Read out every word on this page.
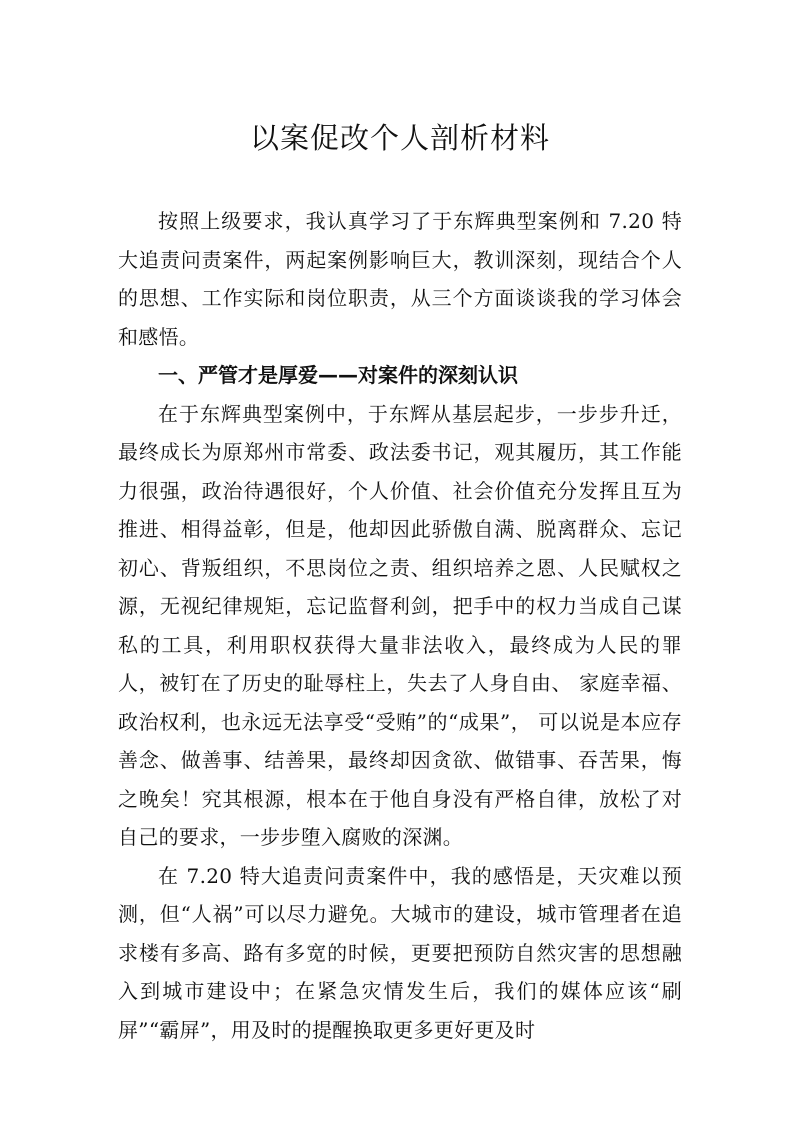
以案促改个人剖析材料

按照上级要求，我认真学习了于东辉典型案例和 7.20 特大追责问责案件，两起案例影响巨大，教训深刻，现结合个人的思想、工作实际和岗位职责，从三个方面谈谈我的学习体会和感悟。

一、严管才是厚爱——对案件的深刻认识

在于东辉典型案例中，于东辉从基层起步，一步步升迁，最终成长为原郑州市常委、政法委书记，观其履历，其工作能力很强，政治待遇很好，个人价值、社会价值充分发挥且互为推进、相得益彰，但是，他却因此骄傲自满、脱离群众、忘记初心、背叛组织，不思岗位之责、组织培养之恩、人民赋权之源，无视纪律规矩，忘记监督利剑，把手中的权力当成自己谋私的工具，利用职权获得大量非法收入，最终成为人民的罪人，被钉在了历史的耻辱柱上，失去了人身自由、 家庭幸福、政治权利，也永远无法享受“受贿”的“成果”， 可以说是本应存善念、做善事、结善果，最终却因贪欲、做错事、吞苦果，悔之晚矣！究其根源，根本在于他自身没有严格自律，放松了对自己的要求，一步步堕入腐败的深渊。

在 7.20 特大追责问责案件中，我的感悟是，天灾难以预测，但“人祸”可以尽力避免。大城市的建设，城市管理者在追求楼有多高、路有多宽的时候，更要把预防自然灾害的思想融入到城市建设中；在紧急灾情发生后，我们的媒体应该“刷屏”“霸屏”，用及时的提醒换取更多更好更及时
